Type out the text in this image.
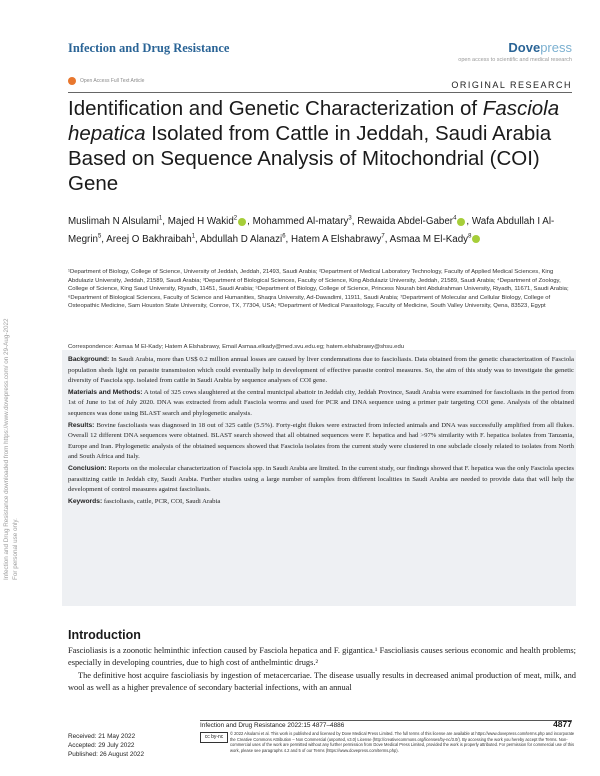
Infection and Drug Resistance	Dovepress
open access to scientific and medical research
Open Access Full Text Article	ORIGINAL RESEARCH
Identification and Genetic Characterization of Fasciola hepatica Isolated from Cattle in Jeddah, Saudi Arabia Based on Sequence Analysis of Mitochondrial (COI) Gene
Muslimah N Alsulami$^1$, Majed H Wakid$^2$ , Mohammed Al-matary$^3$, Rewaida Abdel-Gaber$^4$ , Wafa Abdullah I Al-Megrin$^5$, Areej O Bakhraibah$^1$, Abdullah D Alanazi$^6$, Hatem A Elshabrawy$^7$, Asmaa M El-Kady$^8$
¹Department of Biology, College of Science, University of Jeddah, Jeddah, 21493, Saudi Arabia; ²Department of Medical Laboratory Technology, Faculty of Applied Medical Sciences, King Abdulaziz University, Jeddah, 21589, Saudi Arabia; ³Department of Biological Sciences, Faculty of Science, King Abdulaziz University, Jeddah, 21589, Saudi Arabia; ⁴Department of Zoology, College of Science, King Saud University, Riyadh, 11451, Saudi Arabia; ⁵Department of Biology, College of Science, Princess Nourah bint Abdulrahman University, Riyadh, 11671, Saudi Arabia; ⁶Department of Biological Sciences, Faculty of Science and Humanities, Shaqra University, Ad-Dawadimi, 11911, Saudi Arabia; ⁷Department of Molecular and Cellular Biology, College of Osteopathic Medicine, Sam Houston State University, Conroe, TX, 77304, USA; ⁸Department of Medical Parasitology, Faculty of Medicine, South Valley University, Qena, 83523, Egypt
Correspondence: Asmaa M El-Kady; Hatem A Elshabrawy, Email Asmaa.elkady@med.svu.edu.eg; hatem.elshabrawy@shsu.edu

Background: In Saudi Arabia, more than US$ 0.2 million annual losses are caused by liver condemnations due to fascioliasis. Data obtained from the genetic characterization of Fasciola population sheds light on parasite transmission which could eventually help in development of effective parasite control measures. So, the aim of this study was to investigate the genetic diversity of Fasciola spp. isolated from cattle in Saudi Arabia by sequence analyses of COI gene.

Materials and Methods: A total of 325 cows slaughtered at the central municipal abattoir in Jeddah city, Jeddah Province, Saudi Arabia were examined for fascioliasis in the period from 1st of June to 1st of July 2020. DNA was extracted from adult Fasciola worms and used for PCR and DNA sequence using a primer pair targeting COI gene. Analysis of the obtained sequences was done using BLAST search and phylogenetic analysis.

Results: Bovine fascioliasis was diagnosed in 18 out of 325 cattle (5.5%). Forty-eight flukes were extracted from infected animals and DNA was successfully amplified from all flukes. Overall 12 different DNA sequences were obtained. BLAST search showed that all obtained sequences were F. hepatica and had >97% similarity with F. hepatica isolates from Tanzania, Europe and Iran. Phylogenetic analysis of the obtained sequences showed that Fasciola isolates from the current study were clustered in one subclade closely related to isolates from North and South Africa and Italy.

Conclusion: Reports on the molecular characterization of Fasciola spp. in Saudi Arabia are limited. In the current study, our findings showed that F. hepatica was the only Fasciola species parasitizing cattle in Jeddah city, Saudi Arabia. Further studies using a large number of samples from different localities in Saudi Arabia are needed to provide data that will help the development of control measures against fascioliasis.

Keywords: fascioliasis, cattle, PCR, COI, Saudi Arabia

Introduction

Fascioliasis is a zoonotic helminthic infection caused by Fasciola hepatica and F. gigantica.¹ Fascioliasis causes serious economic and health problems; especially in developing countries, due to high cost of anthelmintic drugs.²

The definitive host acquire fascioliasis by ingestion of metacercariae. The disease usually results in decreased animal production of meat, milk, and wool as well as a higher prevalence of secondary bacterial infections, with an annual

Infection and Drug Resistance downloaded from https://www.dovepress.com/ on 29-Aug-2022 For personal use only.
Infection and Drug Resistance 2022:15 4877–4886	4877
Received: 21 May 2022
Accepted: 29 July 2022
Published: 26 August 2022
cc by-nc
© 2022 Alsulami et al. This work is published and licensed by Dove Medical Press Limited. The full terms of this license are available at https://www.dovepress.com/terms.php and incorporate the Creative Commons Attribution – Non Commercial (unported, v3.0) License (http://creativecommons.org/licenses/by-nc/3.0/). By accessing the work you hereby accept the Terms. Non-commercial uses of the work are permitted without any further permission from Dove Medical Press Limited, provided the work is properly attributed. For permission for commercial use of this work, please see paragraphs 4.2 and 5 of our Terms (https://www.dovepress.com/terms.php).
